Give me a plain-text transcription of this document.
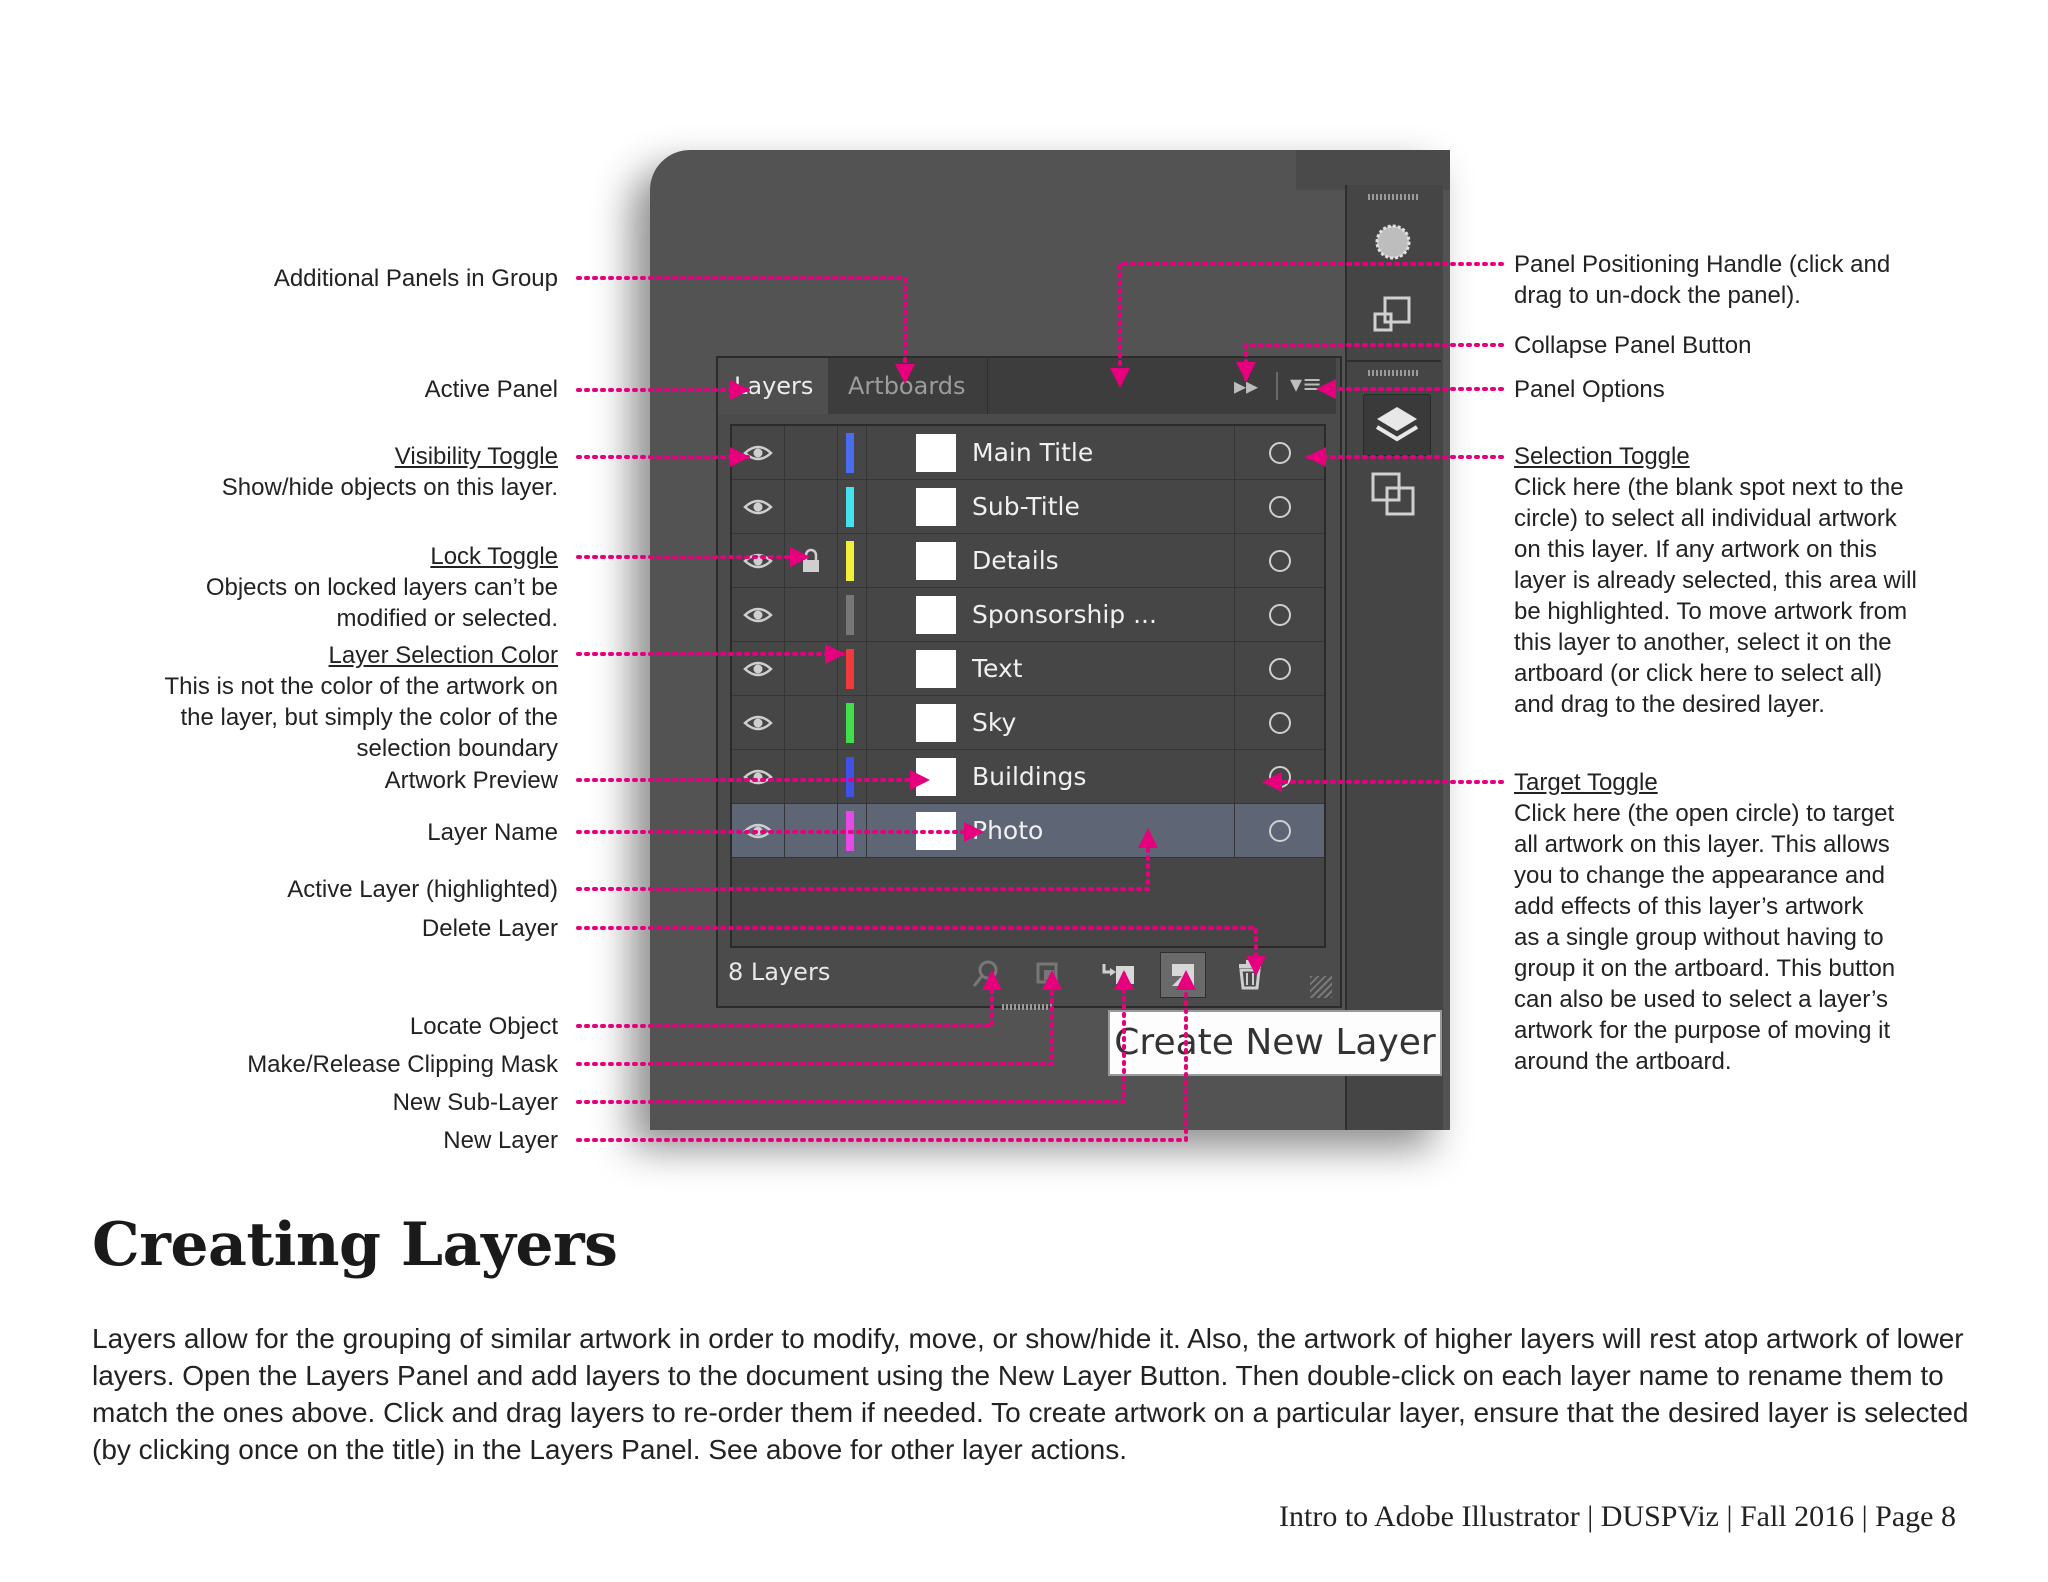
Layers	Artboards	▸▸ ▾≡
Main Title
Sub-Title
Details
Sponsorship ...
Text
Sky
Buildings
Photo
8 Layers
Create New Layer
Additional Panels in Group
Active Panel
Visibility Toggle
Show/hide objects on this layer.
Lock Toggle
Objects on locked layers can’t be
modified or selected.
Layer Selection Color
This is not the color of the artwork on
the layer, but simply the color of the
selection boundary
Artwork Preview
Layer Name
Active Layer (highlighted)
Delete Layer
Locate Object
Make/Release Clipping Mask
New Sub-Layer
New Layer
Panel Positioning Handle (click and
drag to un-dock the panel).
Collapse Panel Button
Panel Options
Selection Toggle
Click here (the blank spot next to the
circle) to select all individual artwork
on this layer. If any artwork on this
layer is already selected, this area will
be highlighted. To move artwork from
this layer to another, select it on the
artboard (or click here to select all)
and drag to the desired layer.
Target Toggle
Click here (the open circle) to target
all artwork on this layer. This allows
you to change the appearance and
add effects of this layer’s artwork
as a single group without having to
group it on the artboard. This button
can also be used to select a layer’s
artwork for the purpose of moving it
around the artboard.
Creating Layers
Layers allow for the grouping of similar artwork in order to modify, move, or show/hide it. Also, the artwork of higher layers will rest atop artwork of lower layers. Open the Layers Panel and add layers to the document using the New Layer Button. Then double-click on each layer name to rename them to match the ones above. Click and drag layers to re-order them if needed. To create artwork on a particular layer, ensure that the desired layer is selected (by clicking once on the title) in the Layers Panel. See above for other layer actions.
Intro to Adobe Illustrator | DUSPViz | Fall 2016 | Page 8
